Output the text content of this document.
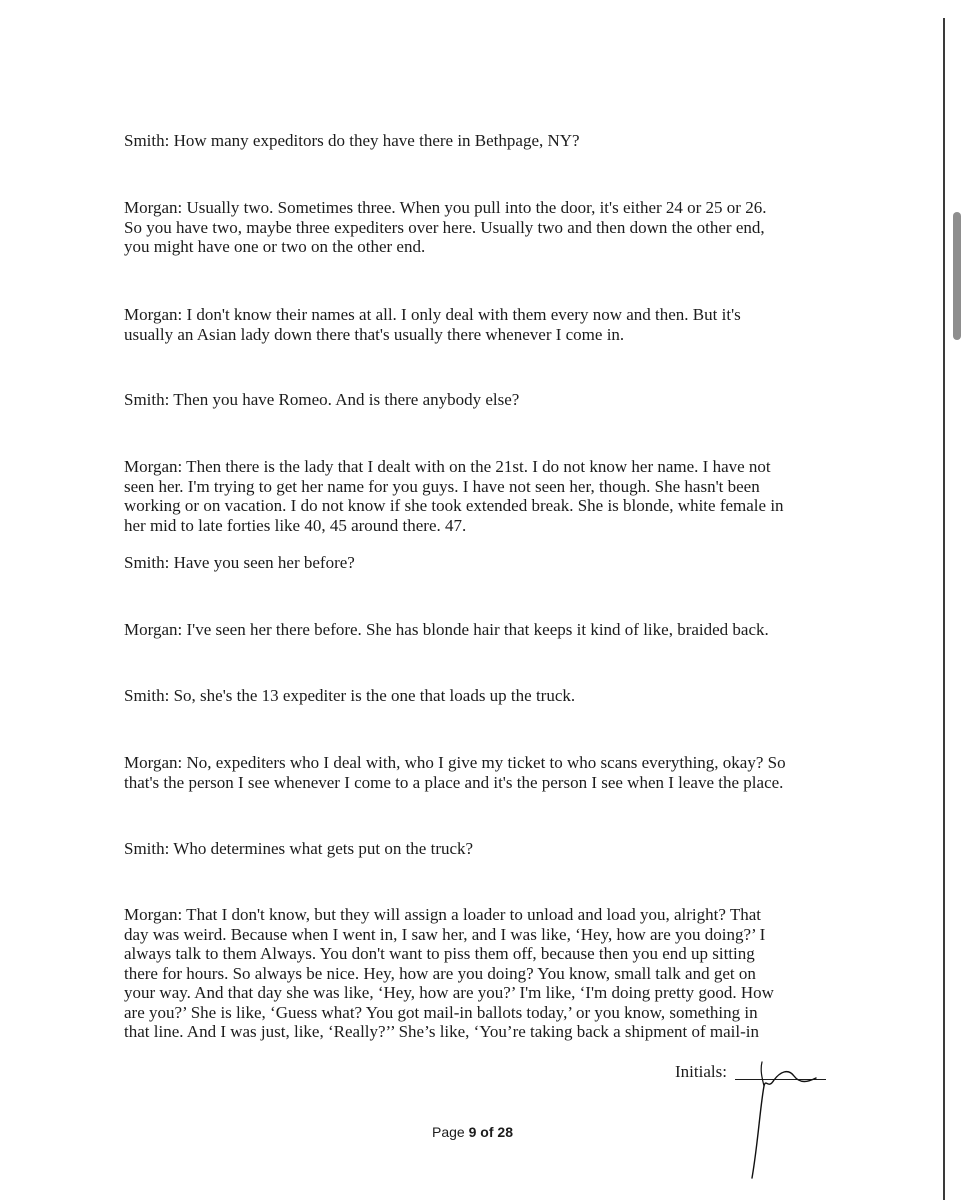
Smith: How many expeditors do they have there in Bethpage, NY?

Morgan: Usually two. Sometimes three. When you pull into the door, it's either 24 or 25 or 26.
So you have two, maybe three expediters over here. Usually two and then down the other end,
you might have one or two on the other end.

Morgan: I don't know their names at all. I only deal with them every now and then. But it's
usually an Asian lady down there that's usually there whenever I come in.

Smith: Then you have Romeo. And is there anybody else?

Morgan: Then there is the lady that I dealt with on the 21st. I do not know her name. I have not
seen her. I'm trying to get her name for you guys. I have not seen her, though. She hasn't been
working or on vacation. I do not know if she took extended break. She is blonde, white female in
her mid to late forties like 40, 45 around there. 47.

Smith: Have you seen her before?

Morgan: I've seen her there before. She has blonde hair that keeps it kind of like, braided back.

Smith: So, she's the 13 expediter is the one that loads up the truck.

Morgan: No, expediters who I deal with, who I give my ticket to who scans everything, okay? So
that's the person I see whenever I come to a place and it's the person I see when I leave the place.

Smith: Who determines what gets put on the truck?

Morgan: That I don't know, but they will assign a loader to unload and load you, alright? That
day was weird. Because when I went in, I saw her, and I was like, ‘Hey, how are you doing?’ I
always talk to them Always. You don't want to piss them off, because then you end up sitting
there for hours. So always be nice. Hey, how are you doing? You know, small talk and get on
your way. And that day she was like, ‘Hey, how are you?’ I'm like, ‘I'm doing pretty good. How
are you?’ She is like, ‘Guess what? You got mail-in ballots today,’ or you know, something in
that line. And I was just, like, ‘Really?’’ She’s like, ‘You’re taking back a shipment of mail-in

Initials:
Page 9 of 28
